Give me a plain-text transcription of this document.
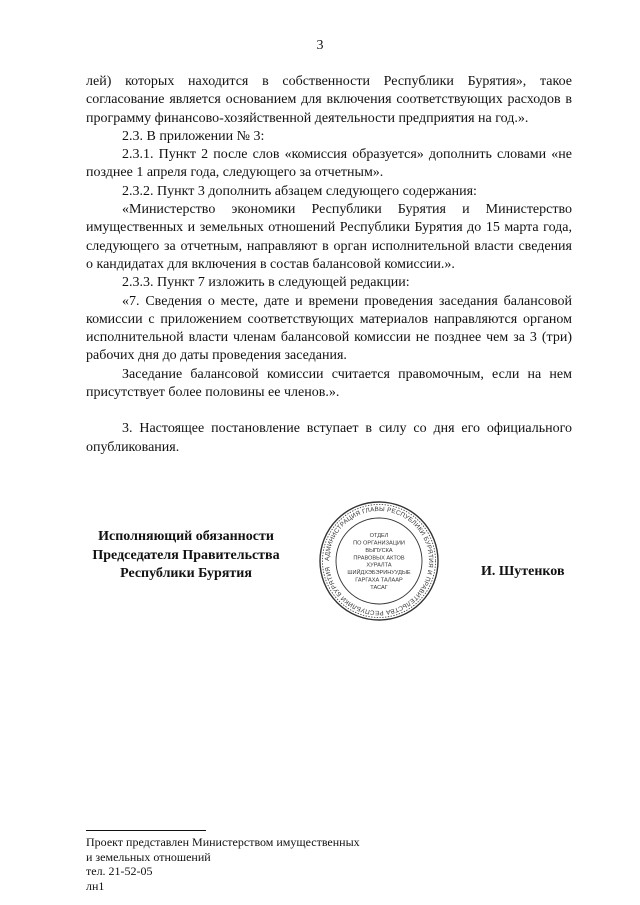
3

лей) которых находится в собственности Республики Бурятия», такое согласование является основанием для включения соответствующих расходов в программу финансово-хозяйственной деятельности предприятия на год.».

2.3. В приложении № 3:

2.3.1. Пункт 2 после слов «комиссия образуется» дополнить словами «не позднее 1 апреля года, следующего за отчетным».

2.3.2. Пункт 3 дополнить абзацем следующего содержания:

«Министерство экономики Республики Бурятия и Министерство имущественных и земельных отношений Республики Бурятия до 15 марта года, следующего за отчетным, направляют в орган исполнительной власти сведения о кандидатах для включения в состав балансовой комиссии.».

2.3.3. Пункт 7 изложить в следующей редакции:

«7. Сведения о месте, дате и времени проведения заседания балансовой комиссии с приложением соответствующих материалов направляются органом исполнительной власти членам балансовой комиссии не позднее чем за 3 (три) рабочих дня до даты проведения заседания.

Заседание балансовой комиссии считается правомочным, если на нем присутствует более половины ее членов.».

3. Настоящее постановление вступает в силу со дня его официального опубликования.

Исполняющий обязанности
Председателя Правительства
Республики Бурятия
АДМИНИСТРАЦИЯ ГЛАВЫ РЕСПУБЛИКИ БУРЯТИЯ И ПРАВИТЕЛЬСТВА РЕСПУБЛИКИ БУРЯТИЯ
ОТДЕЛ
ПО ОРГАНИЗАЦИИ
ВЫПУСКА
ПРАВОВЫХ АКТОВ
ХУРАЛТА
ШИЙДХЭБЭРИНУУДЫЕ
ГАРГАХА ТАЛААР
ТАСАГ
И. Шутенков
Проект представлен Министерством имущественных
и земельных отношений
тел. 21-52-05
лн1
